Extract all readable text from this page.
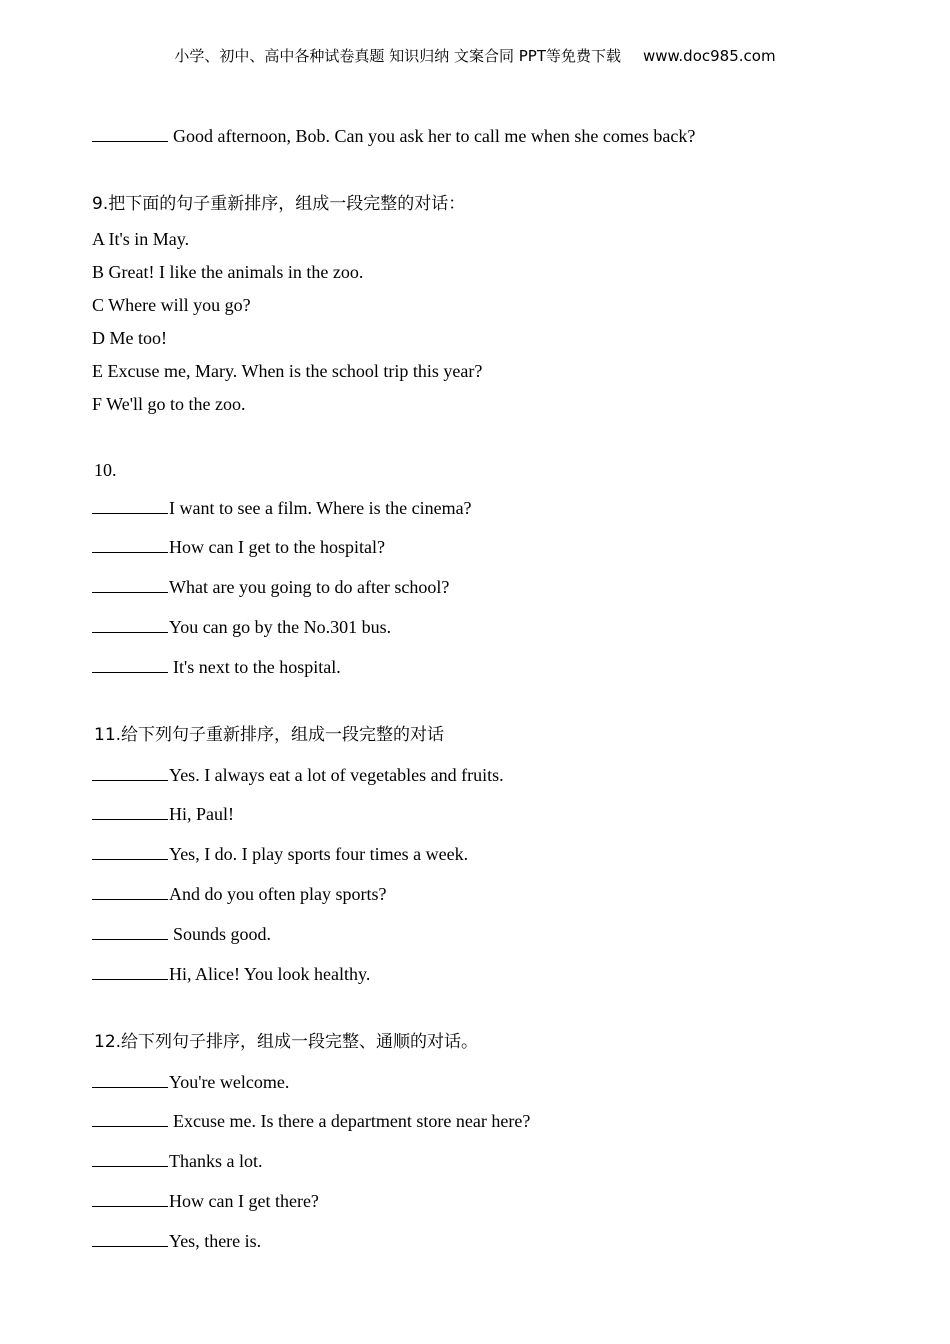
小学、初中、高中各种试卷真题 知识归纳 文案合同 PPT等免费下载 www.doc985.com
Good afternoon, Bob. Can you ask her to call me when she comes back?
9.把下面的句子重新排序，组成一段完整的对话：
A It's in May.
B Great! I like the animals in the zoo.
C Where will you go?
D Me too!
E Excuse me, Mary. When is the school trip this year?
F We'll go to the zoo.
10.
I want to see a film. Where is the cinema?
How can I get to the hospital?
What are you going to do after school?
You can go by the No.301 bus.
It's next to the hospital.
11.给下列句子重新排序，组成一段完整的对话
Yes. I always eat a lot of vegetables and fruits.
Hi, Paul!
Yes, I do. I play sports four times a week.
And do you often play sports?
Sounds good.
Hi, Alice! You look healthy.
12.给下列句子排序，组成一段完整、通顺的对话。
You're welcome.
Excuse me. Is there a department store near here?
Thanks a lot.
How can I get there?
Yes, there is.
